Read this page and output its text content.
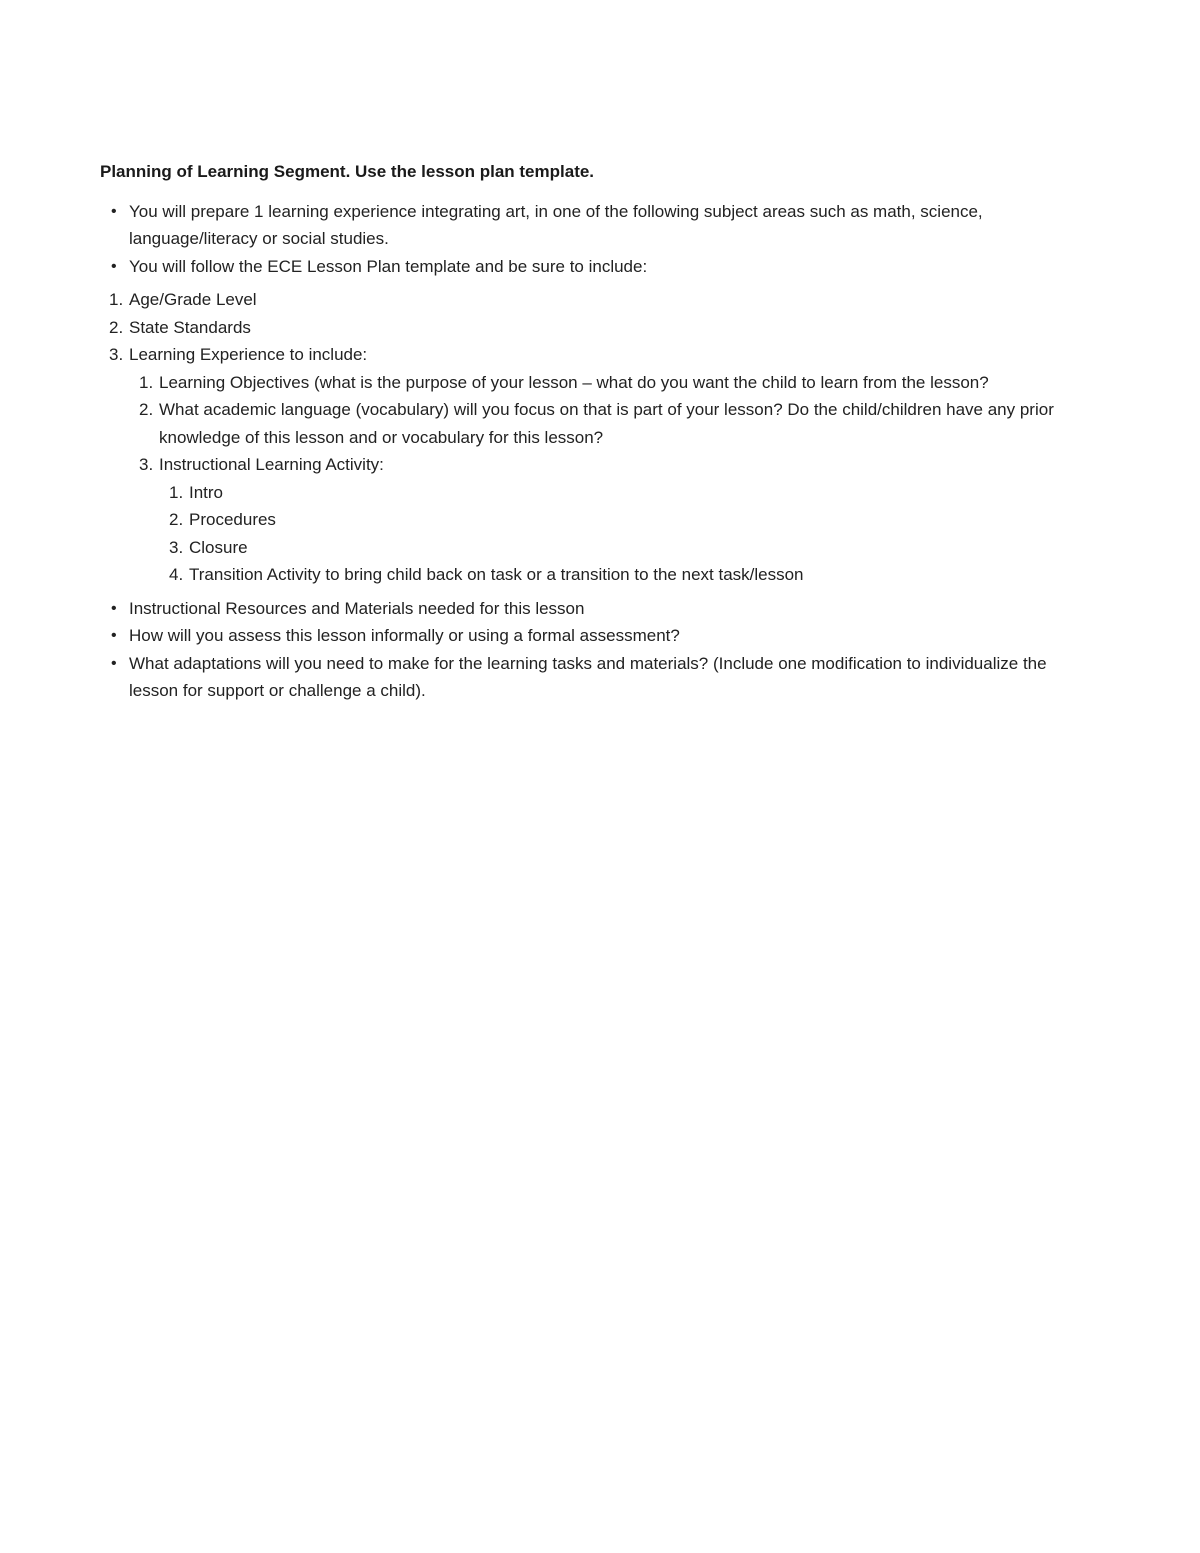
Planning of Learning Segment. Use the lesson plan template.
• You will prepare 1 learning experience integrating art, in one of the following subject areas such as math, science, language/literacy or social studies.
• You will follow the ECE Lesson Plan template and be sure to include:
1. Age/Grade Level
2. State Standards
3. Learning Experience to include:
1. Learning Objectives (what is the purpose of your lesson – what do you want the child to learn from the lesson?
2. What academic language (vocabulary) will you focus on that is part of your lesson? Do the child/children have any prior knowledge of this lesson and or vocabulary for this lesson?
3. Instructional Learning Activity:
1. Intro
2. Procedures
3. Closure
4. Transition Activity to bring child back on task or a transition to the next task/lesson
• Instructional Resources and Materials needed for this lesson
• How will you assess this lesson informally or using a formal assessment?
• What adaptations will you need to make for the learning tasks and materials? (Include one modification to individualize the lesson for support or challenge a child).
